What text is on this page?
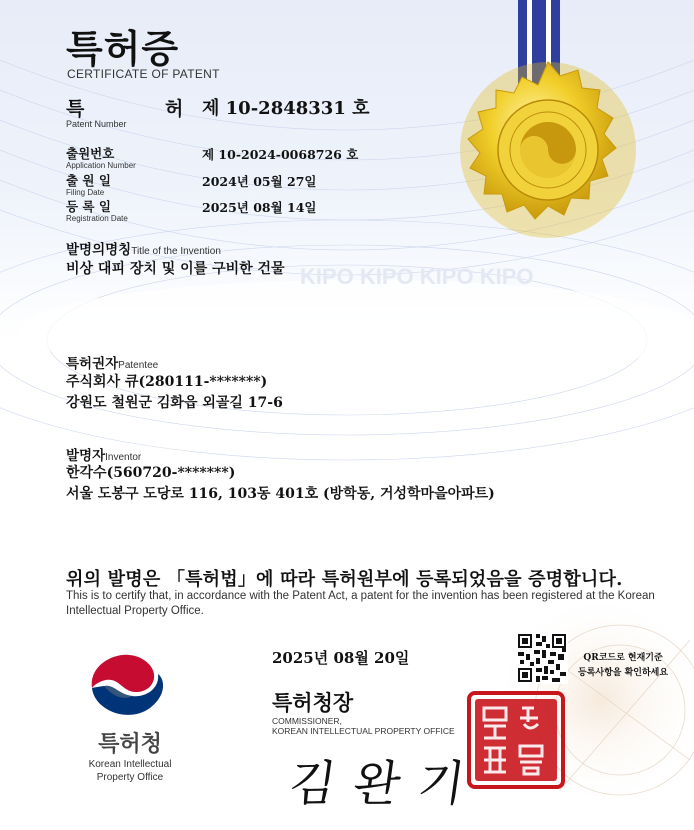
KIPO KIPO KIPO KIPO
특허증
CERTIFICATE OF PATENT
특 허
제 10-2848331 호
Patent Number
출원번호
Application Number
제 10-2024-0068726 호
출 원 일
Filing Date
2024년 05월 27일
등 록 일
Registration Date
2025년 08월 14일
발명의명칭Title of the Invention
비상 대피 장치 및 이를 구비한 건물
특허권자Patentee
주식회사 큐(280111-*******)
강원도 철원군 김화읍 외골길 17-6
발명자Inventor
한각수(560720-*******)
서울 도봉구 도당로 116, 103동 401호 (방학동, 거성학마을아파트)
위의 발명은 「특허법」에 따라 특허원부에 등록되었음을 증명합니다.
This is to certify that, in accordance with the Patent Act, a patent for the invention has been registered at the Korean Intellectual Property Office.
2025년 08월 20일
특허청장
COMMISSIONER,
KOREAN INTELLECTUAL PROPERTY OFFICE
QR코드로 현재기준
등록사항을 확인하세요
특허청
Korean Intellectual
Property Office	김완기
